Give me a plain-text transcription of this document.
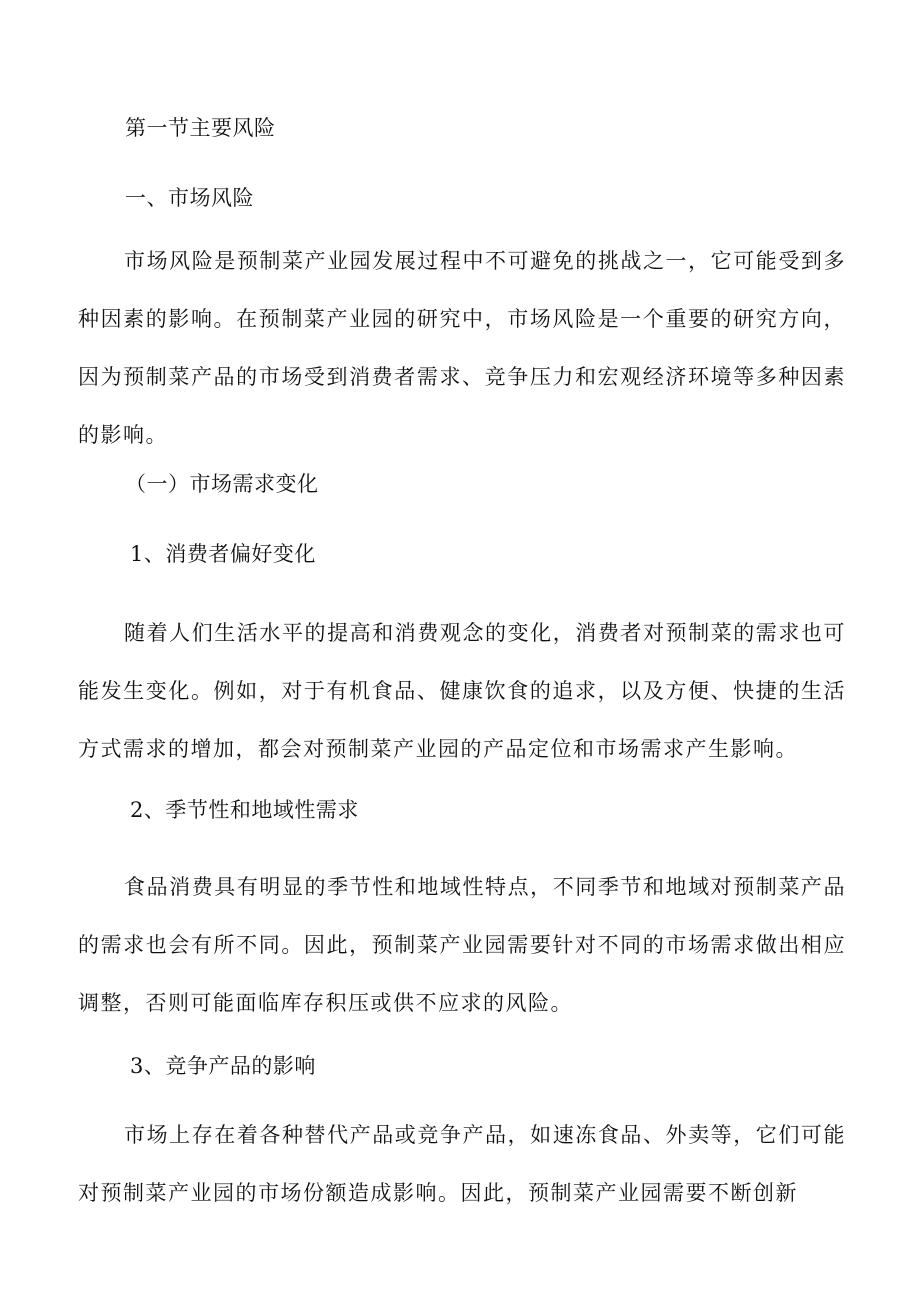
第一节主要风险
一、市场风险
市场风险是预制菜产业园发展过程中不可避免的挑战之一，它可能受到多种因素的影响。在预制菜产业园的研究中，市场风险是一个重要的研究方向，因为预制菜产品的市场受到消费者需求、竞争压力和宏观经济环境等多种因素的影响。
（一）市场需求变化
1、消费者偏好变化
随着人们生活水平的提高和消费观念的变化，消费者对预制菜的需求也可能发生变化。例如，对于有机食品、健康饮食的追求，以及方便、快捷的生活方式需求的增加，都会对预制菜产业园的产品定位和市场需求产生影响。
2、季节性和地域性需求
食品消费具有明显的季节性和地域性特点，不同季节和地域对预制菜产品的需求也会有所不同。因此，预制菜产业园需要针对不同的市场需求做出相应调整，否则可能面临库存积压或供不应求的风险。
3、竞争产品的影响
市场上存在着各种替代产品或竞争产品，如速冻食品、外卖等，它们可能对预制菜产业园的市场份额造成影响。因此，预制菜产业园需要不断创新
